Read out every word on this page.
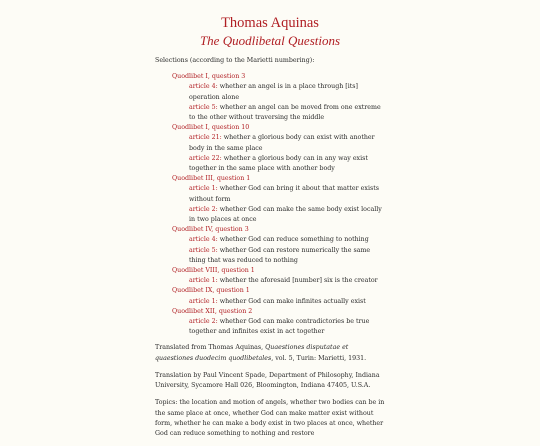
Thomas Aquinas
The Quodlibetal Questions
Selections (according to the Marietti numbering):
Quodlibet I, question 3
article 4: whether an angel is in a place through [its] operation alone
article 5: whether an angel can be moved from one extreme to the other without traversing the middle
Quodlibet I, question 10
article 21: whether a glorious body can exist with another body in the same place
article 22: whether a glorious body can in any way exist together in the same place with another body
Quodlibet III, question 1
article 1: whether God can bring it about that matter exists without form
article 2: whether God can make the same body exist locally in two places at once
Quodlibet IV, question 3
article 4: whether God can reduce something to nothing
article 5: whether God can restore numerically the same thing that was reduced to nothing
Quodlibet VIII, question 1
article 1: whether the aforesaid [number] six is the creator
Quodlibet IX, question 1
article 1: whether God can make infinites actually exist
Quodlibet XII, question 2
article 2: whether God can make contradictories be true together and infinites exist in act together
Translated from Thomas Aquinas, Quaestiones disputatae et quaestiones duodecim quodlibetales, vol. 5, Turin: Marietti, 1931.
Translation by Paul Vincent Spade, Department of Philosophy, Indiana University, Sycamore Hall 026, Bloomington, Indiana 47405, U.S.A.
Topics: the location and motion of angels, whether two bodies can be in the same place at once, whether God can make matter exist without form, whether he can make a body exist in two places at once, whether God can reduce something to nothing and restore
